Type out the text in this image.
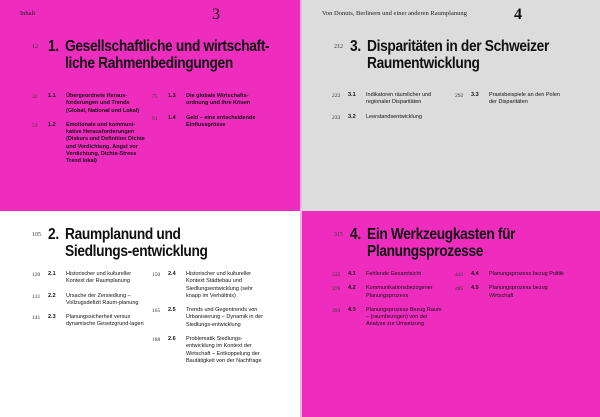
Inhalt	3
12 1. Gesellschaftliche und wirtschaft-liche Rahmenbedingungen
32	1.1	Übergeordnete Heraus-forderungen und Trends (Global, National und Lokal)
53	1.2	Emotionale und kommuni-kative Herausforderungen (Diskurs und Definition Dichte und Verdichtung, Angst vor Verdichtung, Dichte-Stress Trend lokal)
75	1.3	Die globale Wirtschafts-ordnung und ihre Krisen
91	1.4	Geld – eine entscheidende Einflussgrösse
Von Donuts, Berlinern und einer anderen Raumplanung	4
212 3. Disparitäten in der Schweizer Raumentwicklung
222	3.1	Indikatoren räumlicher und regionaler Disparitäten
233	3.2	Leerstandsentwicklung
292	3.3	Praxisbeispiele an den Polen der Disparitäten
105 2. Raumplanund und Siedlungs-entwicklung
120	2.1	Historischer und kultureller Kontext der Raumplanung
131	2.2	Ursache der Zersiedlung – Vollzugsdefizit Raum-planung
141	2.3	Planungssicherheit versus dynamische Gesetzgrund-lagen
150	2.4	Historischer und kultureller Kontext Städtebau und Siedlungsentwicklung (sehr knapp im Verhältnis)
165	2.5	Trends und Gegentrends von Urbanisierung – Dynamik in der Siedlungs-entwicklung
188	2.6	Problematik Siedlungs-entwicklung im Kontext der Wirtschaft – Entkoppelung der Bautätigkeit von der Nachfrage
315 4. Ein Werkzeugkasten für Planungsprozesse
335	4.1	Fehlende Gesamtsicht
378	4.2	Kommunikationsbezogener Planungsprozess
393	4.3	Planungsprozess Bezug Raum – (raumbezogen) von der Analyse zur Umsetzung
443	4.4	Planungsprozess bezug Politik
485	4.5	Planungsprozess bezug Wirtschaft
